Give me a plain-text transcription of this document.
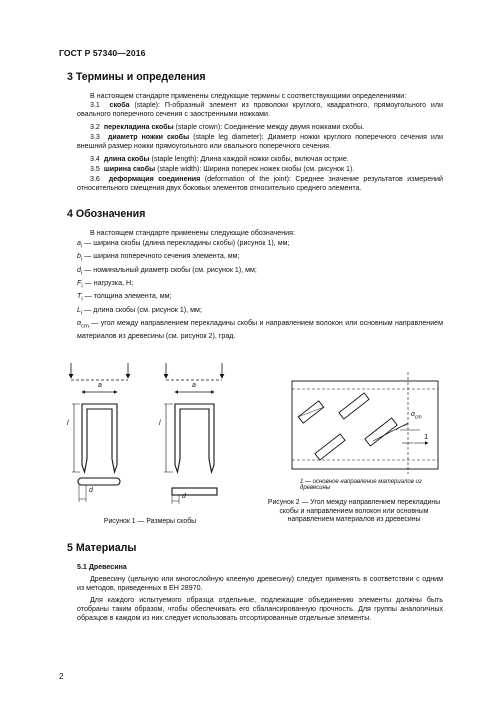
ГОСТ Р 57340—2016
3 Термины и определения

В настоящем стандарте применены следующие термины с соответствующими определениями:

3.1 скоба (staple): П-образный элемент из проволоки круглого, квадратного, прямоугольного или овального поперечного сечения с заостренными ножками.

3.2 перекладина скобы (staple crown): Соединение между двумя ножками скобы.

3.3 диаметр ножки скобы (staple leg diameter): Диаметр ножки круглого поперечного сечения или внешний размер ножки прямоугольного или овального поперечного сечения.

3.4 длина скобы (staple length): Длина каждой ножки скобы, включая острие.

3.5 ширина скобы (staple width): Ширина поперек ножек скобы (см. рисунок 1).

3.6 деформация соединения (deformation of the joint): Среднее значение результатов измерений относительного смещения двух боковых элементов относительно среднего элемента.

4 Обозначения

В настоящем стандарте применены следующие обозначения:

$a_i$ — ширина скобы (длина перекладины скобы) (рисунок 1), мм;
$b_i$ — ширина поперечного сечения элемента, мм;
$d_i$ — номинальный диаметр скобы (см. рисунок 1), мм;
$F_i$ — нагрузка, Н;
$T_i$ — толщина элемента, мм;
$L_i$ — длина скобы (см. рисунок 1), мм;
$\alpha_{cm}$ — угол между направлением перекладины скобы и направлением волокон или основным направлением материалов из древесины (см. рисунок 2), град.
a	a
l	l
d
d
$\alpha_{cm}$
1
Рисунок 1 — Размеры скобы
1 — основное направление материалов из древесины
Рисунок 2 — Угол между направлением перекладины скобы и направлением волокон или основным направлением материалов из древесины
5 Материалы
5.1 Древесина

Древесину (цельную или многослойную клееную древесину) следует применять в соответствии с одним из методов, приведенных в ЕН 28970.

Для каждого испытуемого образца отдельные, подлежащие объединению элементы должны быть отобраны таким образом, чтобы обеспечивать его сбалансированную прочность. Для группы аналогичных образцов в каждом из них следует использовать отсортированные отдельные элементы.

2
